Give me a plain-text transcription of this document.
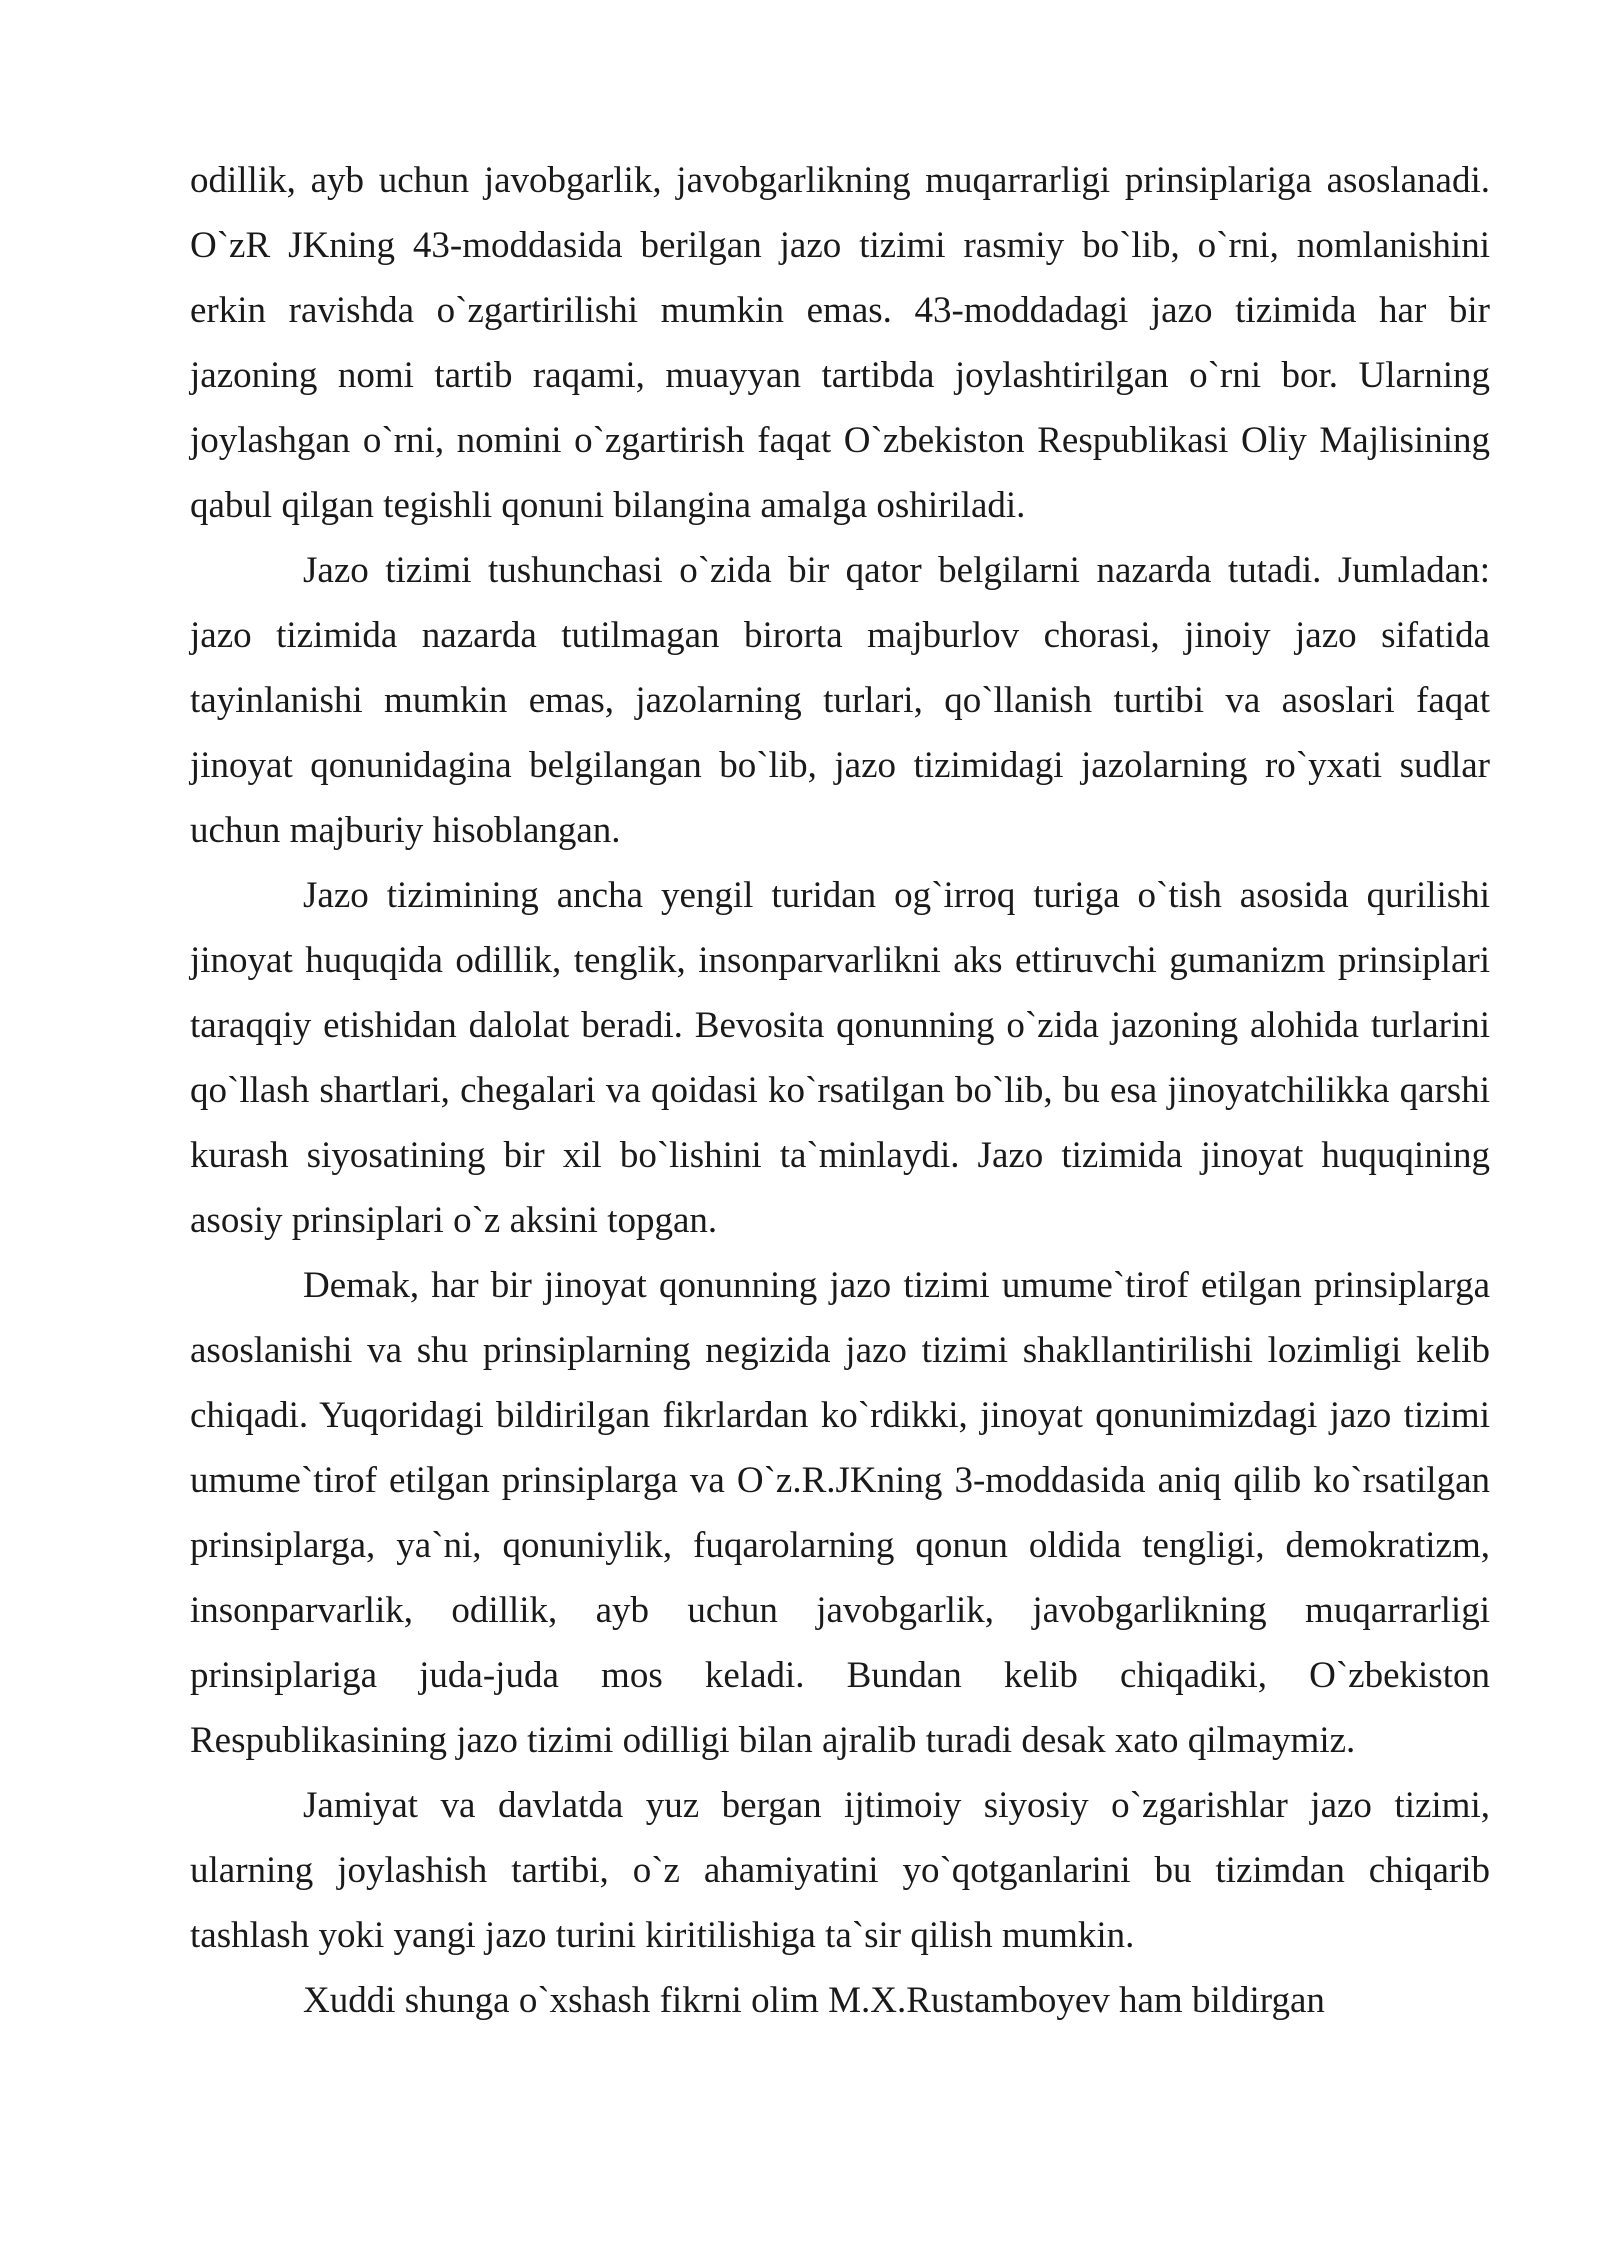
odillik, ayb uchun javobgarlik, javobgarlikning muqarrarligi prinsiplariga asoslanadi. O`zR JKning 43-moddasida berilgan jazo tizimi rasmiy bo`lib, o`rni, nomlanishini erkin ravishda o`zgartirilishi mumkin emas. 43-moddadagi jazo tizimida har bir jazoning nomi tartib raqami, muayyan tartibda joylashtirilgan o`rni bor. Ularning joylashgan o`rni, nomini o`zgartirish faqat O`zbekiston Respublikasi Oliy Majlisining qabul qilgan tegishli qonuni bilangina amalga oshiriladi.

Jazo tizimi tushunchasi o`zida bir qator belgilarni nazarda tutadi. Jumladan: jazo tizimida nazarda tutilmagan birorta majburlov chorasi, jinoiy jazo sifatida tayinlanishi mumkin emas, jazolarning turlari, qo`llanish turtibi va asoslari faqat jinoyat qonunidagina belgilangan bo`lib, jazo tizimidagi jazolarning ro`yxati sudlar uchun majburiy hisoblangan.

Jazo tizimining ancha yengil turidan og`irroq turiga o`tish asosida qurilishi jinoyat huquqida odillik, tenglik, insonparvarlikni aks ettiruvchi gumanizm prinsiplari taraqqiy etishidan dalolat beradi. Bevosita qonunning o`zida jazoning alohida turlarini qo`llash shartlari, chegalari va qoidasi ko`rsatilgan bo`lib, bu esa jinoyatchilikka qarshi kurash siyosatining bir xil bo`lishini ta`minlaydi. Jazo tizimida jinoyat huquqining asosiy prinsiplari o`z aksini topgan.

Demak, har bir jinoyat qonunning jazo tizimi umume`tirof etilgan prinsiplarga asoslanishi va shu prinsiplarning negizida jazo tizimi shakllantirilishi lozimligi kelib chiqadi. Yuqoridagi bildirilgan fikrlardan ko`rdikki, jinoyat qonunimizdagi jazo tizimi umume`tirof etilgan prinsiplarga va O`z.R.JKning 3-moddasida aniq qilib ko`rsatilgan prinsiplarga, ya`ni, qonuniylik, fuqarolarning qonun oldida tengligi, demokratizm, insonparvarlik, odillik, ayb uchun javobgarlik, javobgarlikning muqarrarligi prinsiplariga juda-juda mos keladi. Bundan kelib chiqadiki, O`zbekiston Respublikasining jazo tizimi odilligi bilan ajralib turadi desak xato qilmaymiz.

Jamiyat va davlatda yuz bergan ijtimoiy siyosiy o`zgarishlar jazo tizimi, ularning joylashish tartibi, o`z ahamiyatini yo`qotganlarini bu tizimdan chiqarib tashlash yoki yangi jazo turini kiritilishiga ta`sir qilish mumkin.

Xuddi shunga o`xshash fikrni olim M.X.Rustamboyev ham bildirgan
